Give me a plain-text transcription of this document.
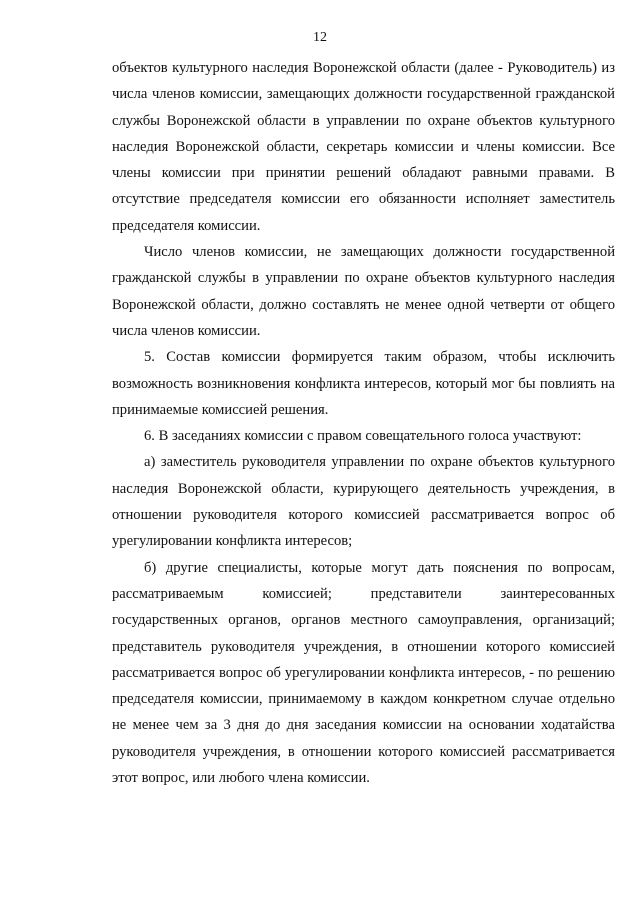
12

объектов культурного наследия Воронежской области (далее - Руководитель) из числа членов комиссии, замещающих должности государственной гражданской службы Воронежской области в управлении по охране объектов культурного наследия Воронежской области, секретарь комиссии и члены комиссии. Все члены комиссии при принятии решений обладают равными правами. В отсутствие председателя комиссии его обязанности исполняет заместитель председателя комиссии.

Число членов комиссии, не замещающих должности государственной гражданской службы в управлении по охране объектов культурного наследия Воронежской области, должно составлять не менее одной четверти от общего числа членов комиссии.

5. Состав комиссии формируется таким образом, чтобы исключить возможность возникновения конфликта интересов, который мог бы повлиять на принимаемые комиссией решения.

6. В заседаниях комиссии с правом совещательного голоса участвуют:

а) заместитель руководителя управлении по охране объектов культурного наследия Воронежской области, курирующего деятельность учреждения, в отношении руководителя которого комиссией рассматривается вопрос об урегулировании конфликта интересов;

б) другие специалисты, которые могут дать пояснения по вопросам, рассматриваемым комиссией; представители заинтересованных государственных органов, органов местного самоуправления, организаций; представитель руководителя учреждения, в отношении которого комиссией рассматривается вопрос об урегулировании конфликта интересов, - по решению председателя комиссии, принимаемому в каждом конкретном случае отдельно не менее чем за 3 дня до дня заседания комиссии на основании ходатайства руководителя учреждения, в отношении которого комиссией рассматривается этот вопрос, или любого члена комиссии.
